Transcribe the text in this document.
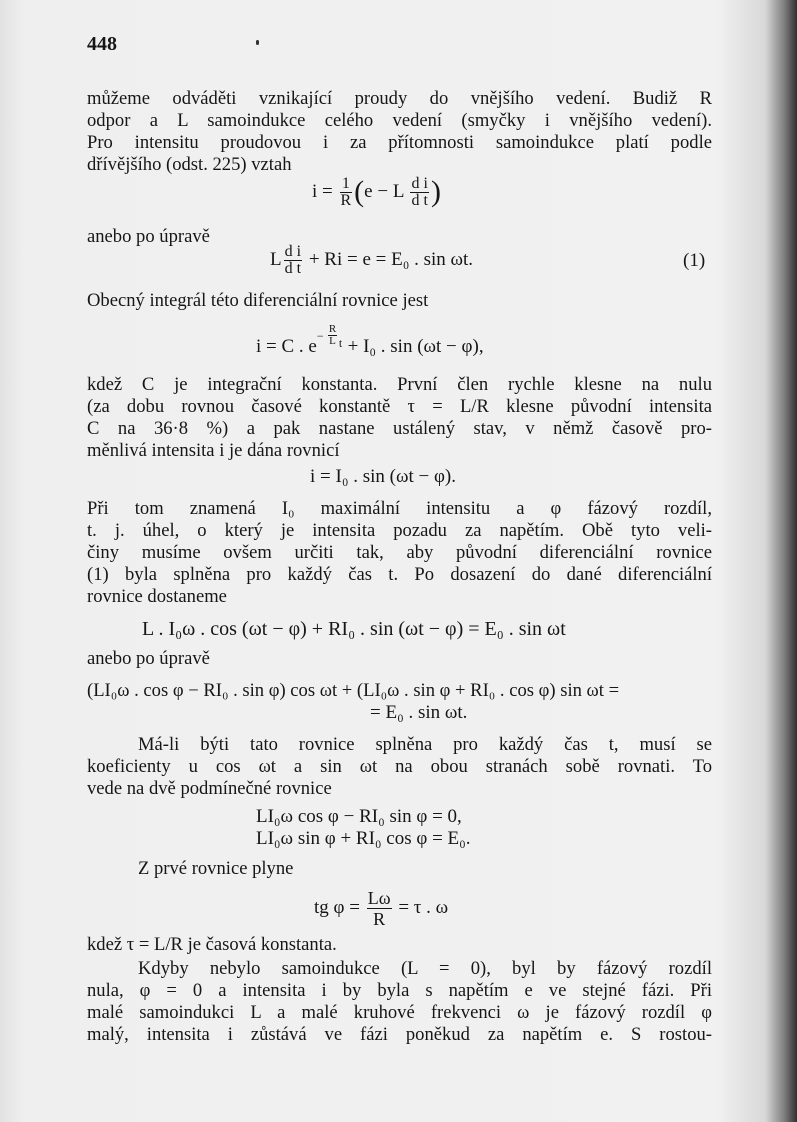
448
můžeme odváděti vznikající proudy do vnějšího vedení. Budiž R
odpor a L samoindukce celého vedení (smyčky i vnějšího vedení).
Pro intensitu proudovou i za přítomnosti samoindukce platí podle
dřívějšího (odst. 225) vztah
$i = \frac{1}{R} (e - L \frac{\text{d i}}{\text{d t}}$ )
anebo po úpravě
L $\frac{\text{d i}}{\text{d t}} + Ri = e = E_0$ . sin ωt.	(1)
Obecný integrál této diferenciální rovnice jest
i = C . $e - \frac{R}{L}$ t + I₀ . sin (ωt − φ),
kdež C je integrační konstanta. První člen rychle klesne na nulu
(za dobu rovnou časové konstantě τ = L/R klesne původní intensita
C na 36·8 %) a pak nastane ustálený stav, v němž časově pro-
měnlivá intensita i je dána rovnicí
i = I₀ . sin (ωt − φ).
Při tom znamená I₀ maximální intensitu a φ fázový rozdíl,
t. j. úhel, o který je intensita pozadu za napětím. Obě tyto veli-
činy musíme ovšem určiti tak, aby původní diferenciální rovnice
(1) byla splněna pro každý čas t. Po dosazení do dané diferenciální
rovnice dostaneme
L . I₀ω . cos (ωt − φ) + RI₀ . sin (ωt − φ) = E₀ . sin ωt
anebo po úpravě
(LI₀ω . cos φ − RI₀ . sin φ) cos ωt + (LI₀ω . sin φ + RI₀ . cos φ) sin ωt =
= E₀ . sin ωt.
Má-li býti tato rovnice splněna pro každý čas t, musí se
koeficienty u cos ωt a sin ωt na obou stranách sobě rovnati. To
vede na dvě podmínečné rovnice
LI₀ω cos φ − RI₀ sin φ = 0,
LI₀ω sin φ + RI₀ cos φ = E₀.
Z prvé rovnice plyne
tg $\varphi = \frac{L\omega}{R} = \tau$ . ω
kdež τ = L/R je časová konstanta.
Kdyby nebylo samoindukce (L = 0), byl by fázový rozdíl
nula, φ = 0 a intensita i by byla s napětím e ve stejné fázi. Při
malé samoindukci L a malé kruhové frekvenci ω je fázový rozdíl φ
malý, intensita i zůstává ve fázi poněkud za napětím e. S rostou-
